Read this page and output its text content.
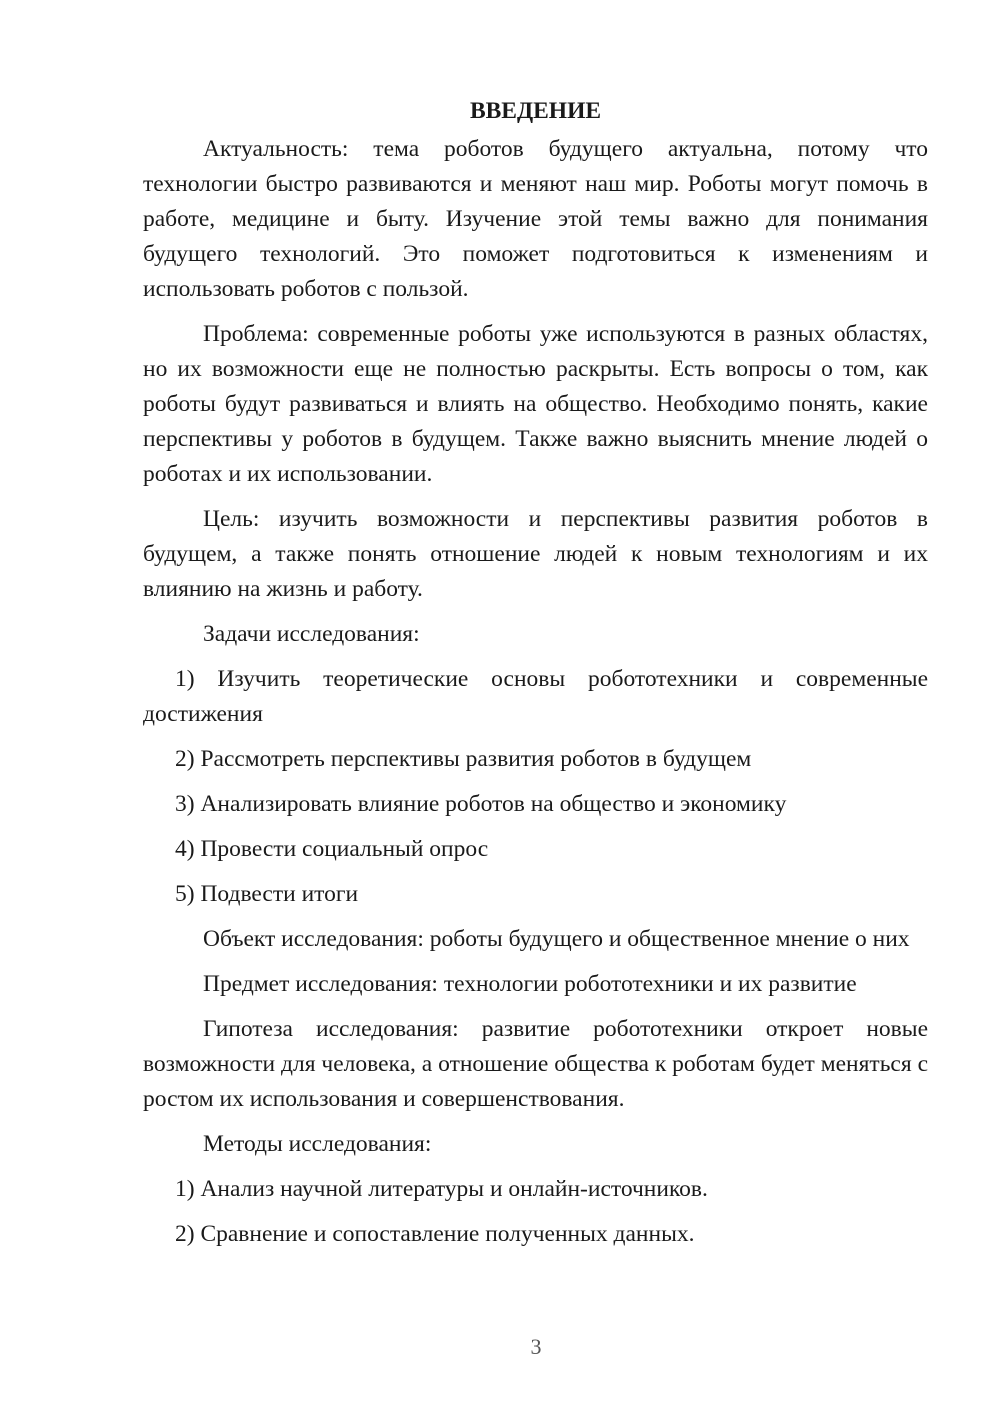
ВВЕДЕНИЕ

Актуальность: тема роботов будущего актуальна, потому что технологии быстро развиваются и меняют наш мир. Роботы могут помочь в работе, медицине и быту. Изучение этой темы важно для понимания будущего технологий. Это поможет подготовиться к изменениям и использовать роботов с пользой.

Проблема: современные роботы уже используются в разных областях, но их возможности еще не полностью раскрыты. Есть вопросы о том, как роботы будут развиваться и влиять на общество. Необходимо понять, какие перспективы у роботов в будущем. Также важно выяснить мнение людей о роботах и их использовании.

Цель: изучить возможности и перспективы развития роботов в будущем, а также понять отношение людей к новым технологиям и их влиянию на жизнь и работу.

Задачи исследования:

1) Изучить теоретические основы робототехники и современные достижения

2) Рассмотреть перспективы развития роботов в будущем

3) Анализировать влияние роботов на общество и экономику

4) Провести социальный опрос

5) Подвести итоги

Объект исследования: роботы будущего и общественное мнение о них

Предмет исследования: технологии робототехники и их развитие

Гипотеза исследования: развитие робототехники откроет новые возможности для человека, а отношение общества к роботам будет меняться с ростом их использования и совершенствования.

Методы исследования:

1) Анализ научной литературы и онлайн-источников.

2) Сравнение и сопоставление полученных данных.

3
